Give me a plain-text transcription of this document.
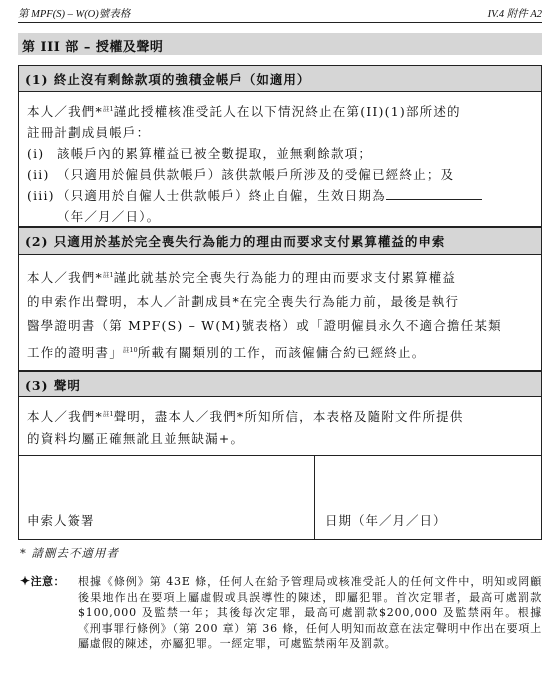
第 MPF(S) – W(O)號表格	IV.4 附件 A2
第 III 部 – 授權及聲明
(1) 終止沒有剩餘款項的強積金帳戶（如適用）
本人／我們*$^{註1}$謹此授權核准受託人在以下情況終止在第(II)(1)部所述的
註冊計劃成員帳戶：
(i)	該帳戶內的累算權益已被全數提取，並無剩餘款項；
(ii) （只適用於僱員供款帳戶）該供款帳戶所涉及的受僱已經終止；及
(iii) （只適用於自僱人士供款帳戶）終止自僱，生效日期為
（年／月／日）。
(2) 只適用於基於完全喪失行為能力的理由而要求支付累算權益的申索
本人／我們*$^{註1}$謹此就基於完全喪失行為能力的理由而要求支付累算權益
的申索作出聲明，本人／計劃成員*在完全喪失行為能力前，最後是執行
醫學證明書（第 MPF(S) – W(M)號表格）或「證明僱員永久不適合擔任某類
工作的證明書」$^{註10}$所載有關類別的工作，而該僱傭合約已經終止。
(3) 聲明
本人／我們*$^{註1}$聲明，盡本人／我們*所知所信，本表格及隨附文件所提供
的資料均屬正確無訛且並無缺漏+。
申索人簽署	日期（年／月／日）
* 請刪去不適用者
✦注意：	根據《條例》第 43E 條，任何人在給予管理局或核准受託人的任何文件中，明知或罔顧後果地作出在要項上屬虛假或具誤導性的陳述，即屬犯罪。首次定罪者，最高可處罰款$100,000 及監禁一年；其後每次定罪，最高可處罰款$200,000 及監禁兩年。根據《刑事罪行條例》（第 200 章）第 36 條，任何人明知而故意在法定聲明中作出在要項上屬虛假的陳述，亦屬犯罪。一經定罪，可處監禁兩年及罰款。
